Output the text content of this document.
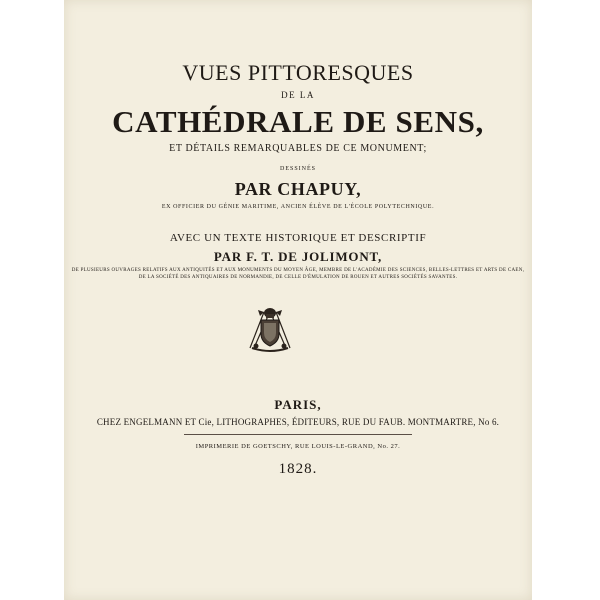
VUES PITTORESQUES
DE LA
CATHÉDRALE DE SENS,
ET DÉTAILS REMARQUABLES DE CE MONUMENT;
DESSINÉS
PAR CHAPUY,
EX OFFICIER DU GÉNIE MARITIME, ANCIEN ÉLÈVE DE L'ÉCOLE POLYTECHNIQUE.
AVEC UN TEXTE HISTORIQUE ET DESCRIPTIF
PAR F. T. DE JOLIMONT,
DE PLUSIEURS OUVRAGES RELATIFS AUX ANTIQUITÉS ET AUX MONUMENTS DU MOYEN ÂGE, MEMBRE DE L'ACADÉMIE DES SCIENCES, BELLES-LETTRES ET ARTS DE CAEN,
DE LA SOCIÉTÉ DES ANTIQUAIRES DE NORMANDIE, DE CELLE D'ÉMULATION DE ROUEN ET AUTRES SOCIÉTÉS SAVANTES.
PARIS,
CHEZ ENGELMANN ET Cie, LITHOGRAPHES, ÉDITEURS, RUE DU FAUB. MONTMARTRE, No 6.
IMPRIMERIE DE GOETSCHY, RUE LOUIS-LE-GRAND, No. 27.
1828.
